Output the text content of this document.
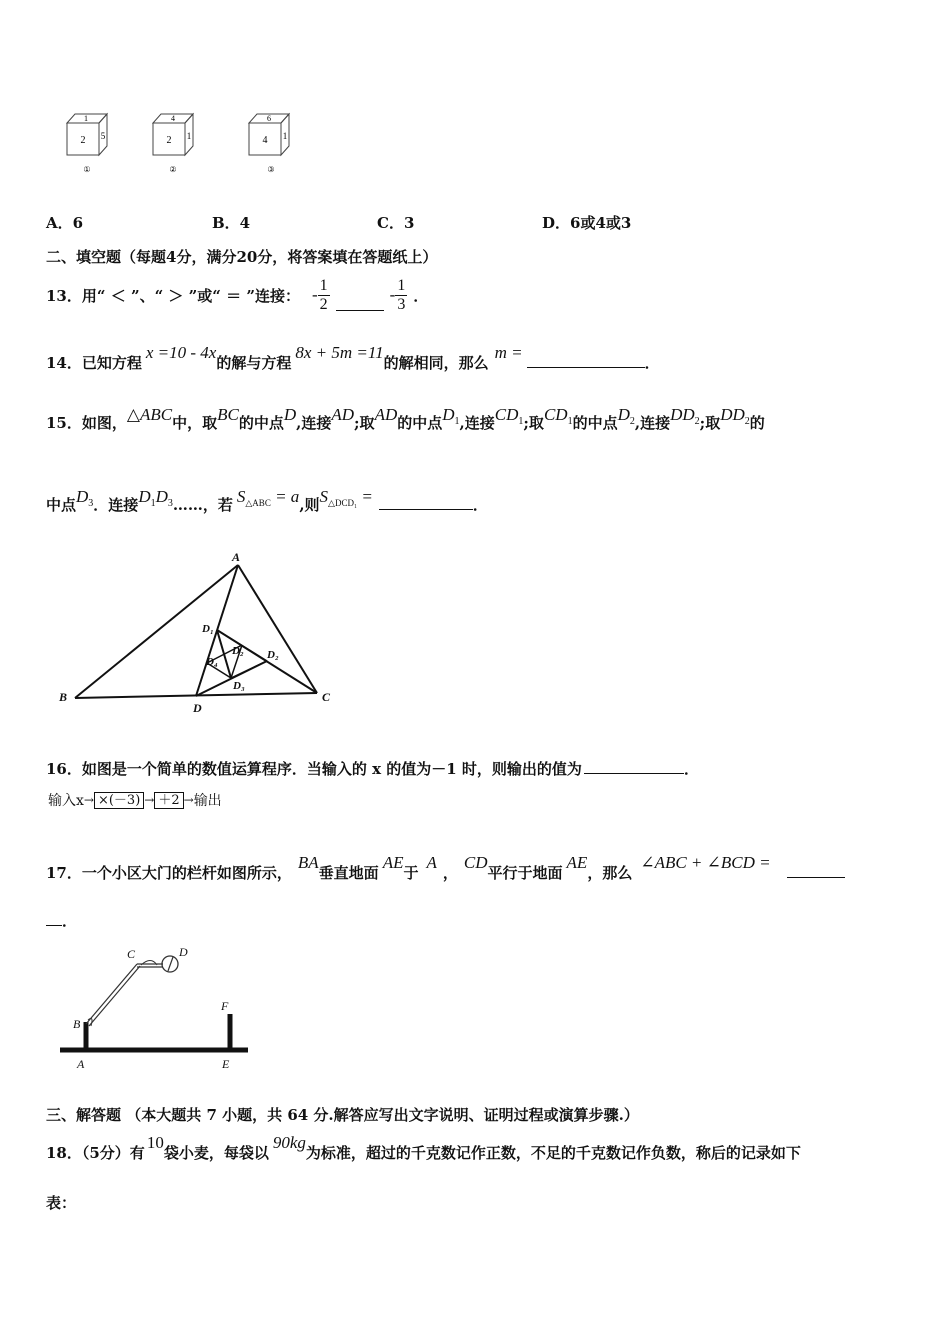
1
2 5
①
4
2 1
②
6
4 1
③
A．6	B．4	C．3	D．6或4或3
二、填空题（每题4分，满分20分，将答案填在答题纸上）
13．用“ ＜ ”、“ ＞ ”或“ ＝ ”连接： - $\frac{1}{2}$	- $\frac{1}{3}$ ．
14．已知方程x =10 - 4x的解与方程8x + 5m =11的解相同，那么m =．
15．如图，△ABC中，取BC的中点D,连接AD;取AD的中点$D_1$,连接$CD_1$;取$CD_1$的中点$D_2$,连接$DD_2$;取$DD_2$的
中点$D_3$．连接$D_1D_3\dots\dots$，若 $S_{\triangle ABC} = a$,则$S_{\triangle DCD_1}$ =	．
A
B	C
D
D₁
D₂
D₃
D₄
D₂
16．如图是一个简单的数值运算程序．当输入的 x 的值为－1 时，则输出的值为	．
输入x → ×(－3) → ＋2 → 输出
17．一个小区大门的栏杆如图所示，BA垂直地面AE于A，CD平行于地面AE，那么∠ABC + ∠BCD =
．
B
A
C	D
F
E
三、解答题 （本大题共 7 小题，共 64 分.解答应写出文字说明、证明过程或演算步骤.）
18．（5分）有10袋小麦，每袋以90kg为标准，超过的千克数记作正数，不足的千克数记作负数，称后的记录如下
表：
